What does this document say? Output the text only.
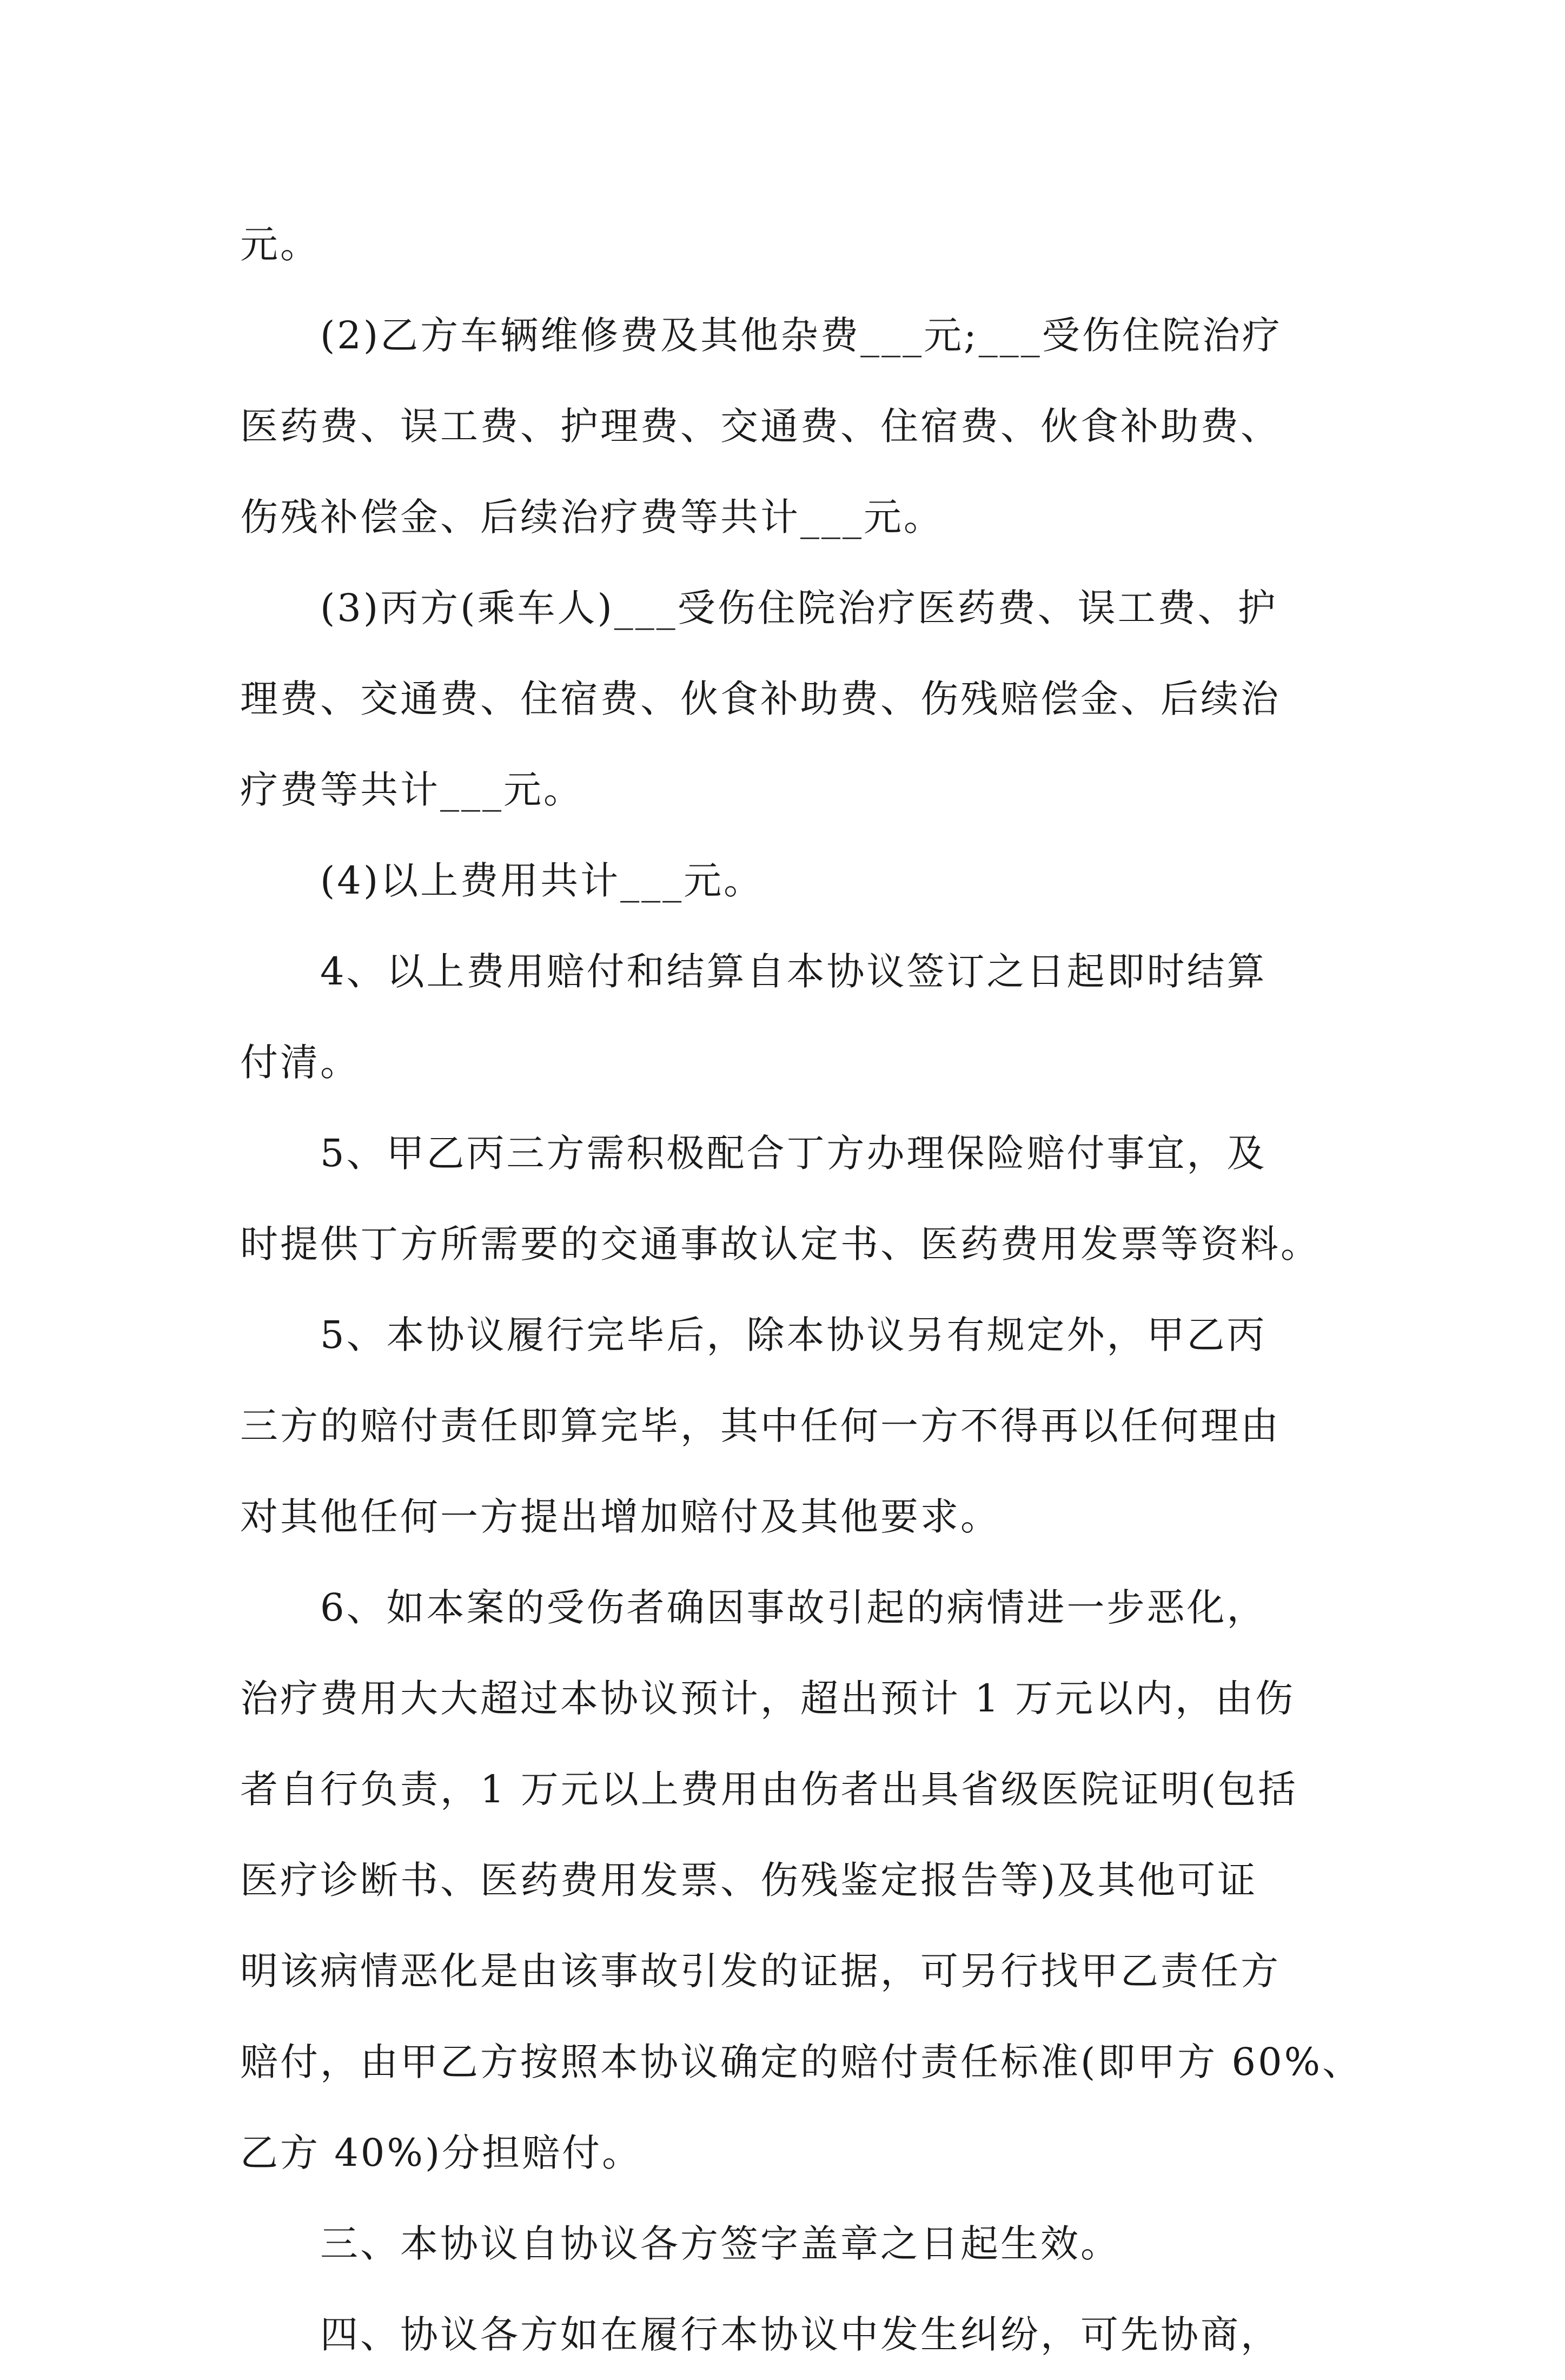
元。
(2)乙方车辆维修费及其他杂费___元;___受伤住院治疗
医药费、误工费、护理费、交通费、住宿费、伙食补助费、
伤残补偿金、后续治疗费等共计___元。
(3)丙方(乘车人)___受伤住院治疗医药费、误工费、护
理费、交通费、住宿费、伙食补助费、伤残赔偿金、后续治
疗费等共计___元。
(4)以上费用共计___元。
4、以上费用赔付和结算自本协议签订之日起即时结算
付清。
5、甲乙丙三方需积极配合丁方办理保险赔付事宜，及
时提供丁方所需要的交通事故认定书、医药费用发票等资料。
5、本协议履行完毕后，除本协议另有规定外，甲乙丙
三方的赔付责任即算完毕，其中任何一方不得再以任何理由
对其他任何一方提出增加赔付及其他要求。
6、如本案的受伤者确因事故引起的病情进一步恶化，
治疗费用大大超过本协议预计，超出预计 1 万元以内，由伤
者自行负责，1 万元以上费用由伤者出具省级医院证明(包括
医疗诊断书、医药费用发票、伤残鉴定报告等)及其他可证
明该病情恶化是由该事故引发的证据，可另行找甲乙责任方
赔付，由甲乙方按照本协议确定的赔付责任标准(即甲方 60%、
乙方 40%)分担赔付。
三、本协议自协议各方签字盖章之日起生效。
四、协议各方如在履行本协议中发生纠纷，可先协商，
